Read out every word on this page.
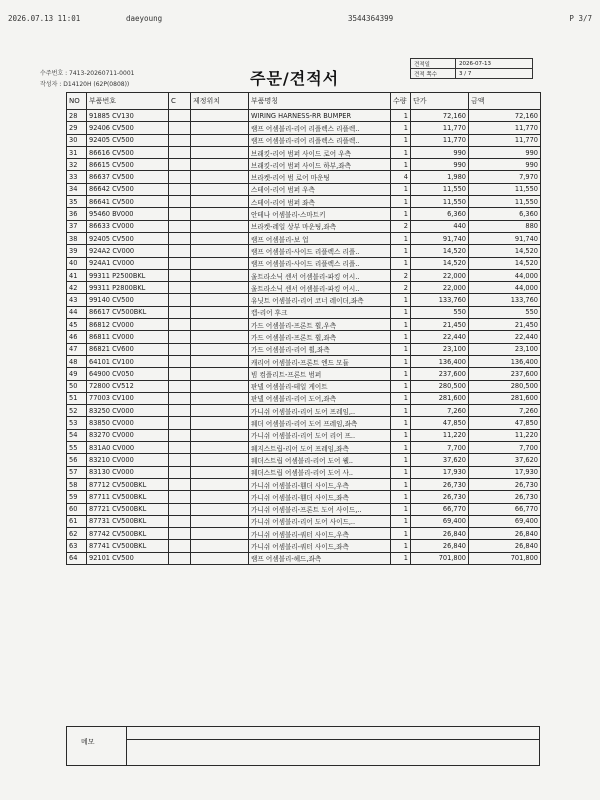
2026.07.13 11:01	daeyoung	3544364399	P 3/7
수주번호 : 7413-20260711-0001
작성자 : D14120H (62P(0808))	주문/견적서
견적일	2026-07-13
견적 쪽수	3 / 7
NO	부품번호	C	제정위치	부품명칭	수량	단가	금액
28	91885 CV130			WIRING HARNESS-RR BUMPER	1	72,160	72,160
29	92406 CV500			램프 어셈블리-리어 리플렉스 리플렉..	1	11,770	11,770
30	92405 CV500			램프 어셈블리-리어 리플렉스 리플렉..	1	11,770	11,770
31	86616 CV500			브래킷-리어 범퍼 사이드 로어 우측	1	990	990
32	86615 CV500			브래킷-리어 범퍼 사이드 하부,좌측	1	990	990
33	86637 CV500			브라켓-리어 범 로어 마운팅	4	1,980	7,970
34	86642 CV500			스테이-리어 범퍼 우측	1	11,550	11,550
35	86641 CV500			스테이-리어 범퍼 좌측	1	11,550	11,550
36	95460 BV000			안테나 어셈블리-스마트키	1	6,360	6,360
37	86633 CV000			브라켓-레일 상부 마운팅,좌측	2	440	880
38	92405 CV500			램프 어셈블리-보 업	1	91,740	91,740
39	924A2 CV000			램프 어셈블리-사이드 리플렉스 리플..	1	14,520	14,520
40	924A1 CV000			램프 어셈블리-사이드 리플렉스 리플..	1	14,520	14,520
41	99311 P2500BKL			울트라소닉 센서 어셈블리-파킹 어시..	2	22,000	44,000
42	99311 P2800BKL			울트라소닉 센서 어셈블리-파킹 어시..	2	22,000	44,000
43	99140 CV500			유닛트 어셈블리-리어 코너 레이더,좌측	1	133,760	133,760
44	86617 CV500BKL			캡-리어 후크	1	550	550
45	86812 CV000			가드 어셈블리-프론트 휠,우측	1	21,450	21,450
46	86811 CV000			가드 어셈블리-프론트 휠,좌측	1	22,440	22,440
47	86821 CV600			가드 어셈블리-리어 휠,좌측	1	23,100	23,100
48	64101 CV100			캐리어 어셈블리-프론트 엔드 모듈	1	136,400	136,400
49	64900 CV050			빔 컴플리트-프론트 범퍼	1	237,600	237,600
50	72800 CV512			판넬 어셈블리-테일 게이트	1	280,500	280,500
51	77003 CV100			판넬 어셈블리-리어 도어,좌측	1	281,600	281,600
52	83250 CV000			가니쉬 어셈블리-리어 도어 프레임,..	1	7,260	7,260
53	83850 CV000			웨더 어셈블리-리어 도어 프레임,좌측	1	47,850	47,850
54	83270 CV000			가니쉬 어셈블리-리어 도어 리어 프..	1	11,220	11,220
55	831A0 CV000			웨지스트립-리어 도어 프레임,좌측	1	7,700	7,700
56	83210 CV000			웨더스트립 어셈블리-리어 도어 웰..	1	37,620	37,620
57	83130 CV000			웨더스트립 어셈블리-리어 도어 사..	1	17,930	17,930
58	87712 CV500BKL			가니쉬 어셈블리-휀더 사이드,우측	1	26,730	26,730
59	87711 CV500BKL			가니쉬 어셈블리-휀더 사이드,좌측	1	26,730	26,730
60	87721 CV500BKL			가니쉬 어셈블리-프론트 도어 사이드,..	1	66,770	66,770
61	87731 CV500BKL			가니쉬 어셈블리-리어 도어 사이드,..	1	69,400	69,400
62	87742 CV500BKL			가니쉬 어셈블리-쿼터 사이드,우측	1	26,840	26,840
63	87741 CV500BKL			가니쉬 어셈블리-쿼터 사이드,좌측	1	26,840	26,840
64	92101 CV500			램프 어셈블리-헤드,좌측	1	701,800	701,800
메모
